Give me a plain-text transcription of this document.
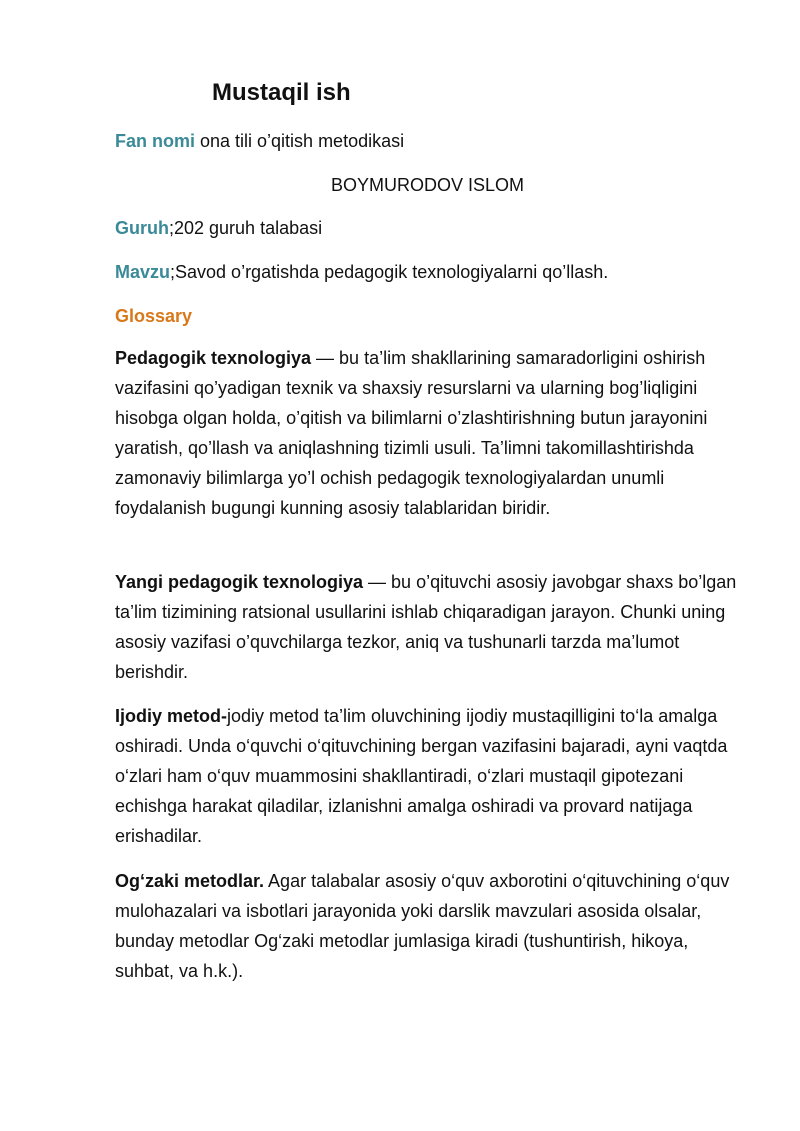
Mustaqil ish

Fan nomi ona tili o’qitish metodikasi

BOYMURODOV ISLOM

Guruh;202 guruh talabasi

Mavzu;Savod o’rgatishda pedagogik texnologiyalarni qo’llash.

Glossary

Pedagogik texnologiya — bu ta’lim shakllarining samaradorligini oshirish vazifasini qo’yadigan texnik va shaxsiy resurslarni va ularning bog’liqligini hisobga olgan holda, o’qitish va bilimlarni o’zlashtirishning butun jarayonini yaratish, qo’llash va aniqlashning tizimli usuli. Ta’limni takomillashtirishda zamonaviy bilimlarga yo’l ochish pedagogik texnologiyalardan unumli foydalanish bugungi kunning asosiy talablaridan biridir.

Yangi pedagogik texnologiya — bu o’qituvchi asosiy javobgar shaxs bo’lgan ta’lim tizimining ratsional usullarini ishlab chiqaradigan jarayon. Chunki uning asosiy vazifasi o’quvchilarga tezkor, aniq va tushunarli tarzda ma’lumot berishdir.

Ijodiy metod-jodiy metod ta’lim oluvchining ijodiy mustaqilligini to‘la amalga oshiradi. Unda o‘quvchi o‘qituvchining bergan vazifasini bajaradi, ayni vaqtda o‘zlari ham o‘quv muammosini shakllantiradi, o‘zlari mustaqil gipotezani echishga harakat qiladilar, izlanishni amalga oshiradi va provard natijaga erishadilar.

Og‘zaki metodlar. Agar talabalar asosiy o‘quv axborotini o‘qituvchining o‘quv mulohazalari va isbotlari jarayonida yoki darslik mavzulari asosida olsalar, bunday metodlar Og‘zaki metodlar jumlasiga kiradi (tushuntirish, hikoya, suhbat, va h.k.).
